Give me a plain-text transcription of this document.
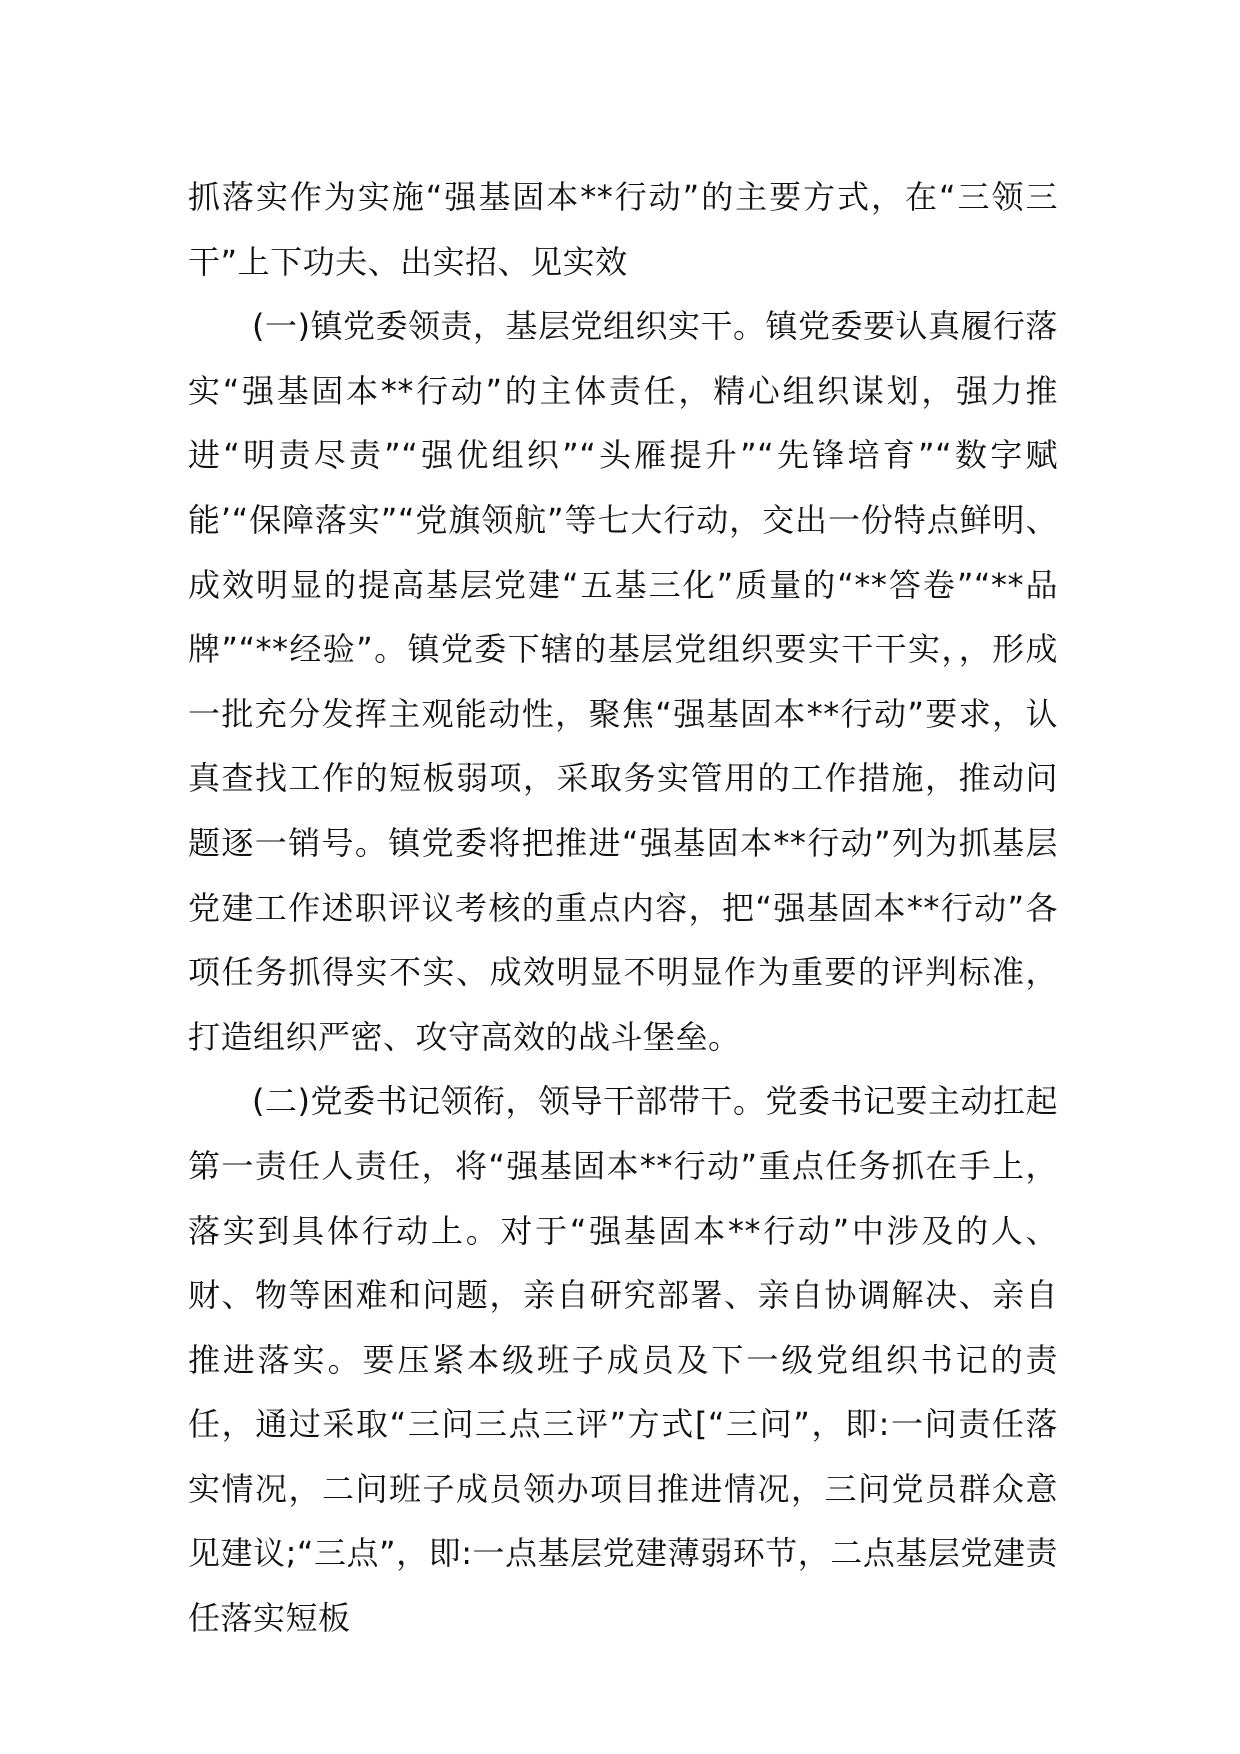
抓落实作为实施“强基固本**行动”的主要方式，在“三领三干”上下功夫、出实招、见实效

(一)镇党委领责，基层党组织实干。镇党委要认真履行落实“强基固本**行动”的主体责任，精心组织谋划，强力推进“明责尽责”“强优组织”“头雁提升”“先锋培育”“数字赋能’“保障落实”“党旗领航”等七大行动，交出一份特点鲜明、成效明显的提高基层党建“五基三化”质量的“**答卷”“**品牌”“**经验”。镇党委下辖的基层党组织要实干干实，，形成一批充分发挥主观能动性，聚焦“强基固本**行动”要求，认真查找工作的短板弱项，采取务实管用的工作措施，推动问题逐一销号。镇党委将把推进“强基固本**行动”列为抓基层党建工作述职评议考核的重点内容，把“强基固本**行动”各项任务抓得实不实、成效明显不明显作为重要的评判标准，打造组织严密、攻守高效的战斗堡垒。

(二)党委书记领衔，领导干部带干。党委书记要主动扛起第一责任人责任，将“强基固本**行动”重点任务抓在手上，落实到具体行动上。对于“强基固本**行动”中涉及的人、财、物等困难和问题，亲自研究部署、亲自协调解决、亲自推进落实。要压紧本级班子成员及下一级党组织书记的责任，通过采取“三问三点三评”方式[“三问”，即:一问责任落实情况，二问班子成员领办项目推进情况，三问党员群众意见建议;“三点”，即:一点基层党建薄弱环节，二点基层党建责任落实短板
